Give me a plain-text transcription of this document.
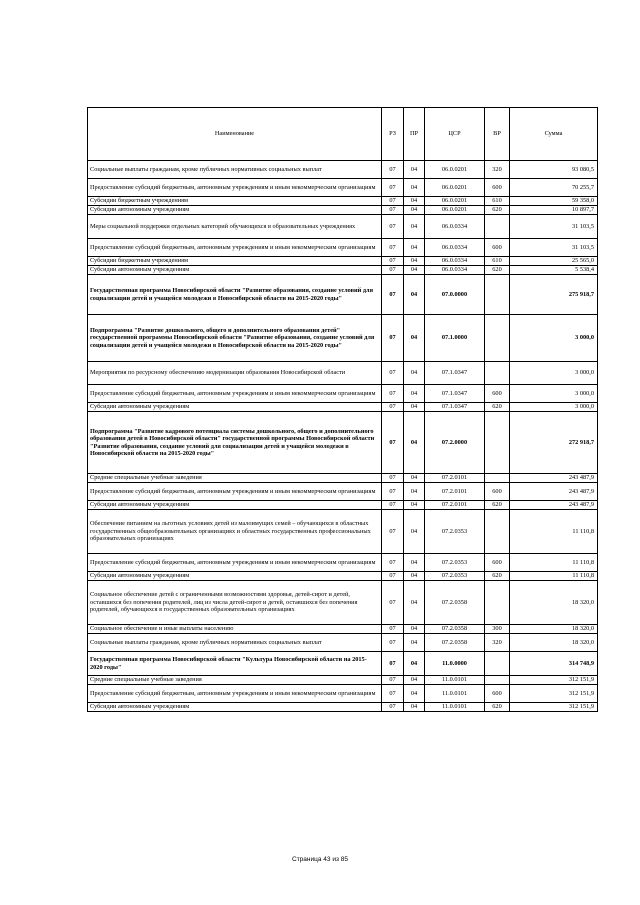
Наименование	РЗ	ПР	ЦСР	ВР	Сумма
Социальные выплаты гражданам, кроме публичных нормативных социальных выплат	07	04	06.0.0201	320	93 080,5
Предоставление субсидий бюджетным, автономным учреждениям и иным некоммерческим организациям	07	04	06.0.0201	600	70 255,7
Субсидии бюджетным учреждениям	07	04	06.0.0201	610	59 358,0
Субсидии автономным учреждениям	07	04	06.0.0201	620	10 897,7
Меры социальной поддержки отдельных категорий обучающихся в образовательных учреждениях	07	04	06.0.0334		31 103,5
Предоставление субсидий бюджетным, автономным учреждениям и иным некоммерческим организациям	07	04	06.0.0334	600	31 103,5
Субсидии бюджетным учреждениям	07	04	06.0.0334	610	25 565,0
Субсидии автономным учреждениям	07	04	06.0.0334	620	5 538,4
Государственная программа Новосибирской области "Развитие образования, создание условий для социализации детей и учащейся молодежи в Новосибирской области на 2015-2020 годы"	07	04	07.0.0000		275 918,7
Подпрограмма "Развитие дошкольного, общего и дополнительного образования детей" государственной программы Новосибирской области "Развитие образования, создание условий для социализации детей и учащейся молодежи в Новосибирской области на 2015-2020 годы"	07	04	07.1.0000		3 000,0
Мероприятия по ресурсному обеспечению модернизации образования Новосибирской области	07	04	07.1.0347		3 000,0
Предоставление субсидий бюджетным, автономным учреждениям и иным некоммерческим организациям	07	04	07.1.0347	600	3 000,0
Субсидии автономным учреждениям	07	04	07.1.0347	620	3 000,0
Подпрограмма "Развитие кадрового потенциала системы дошкольного, общего и дополнительного образования детей в Новосибирской области" государственной программы Новосибирской области "Развитие образования, создание условий для социализации детей и учащейся молодежи в Новосибирской области на 2015-2020 годы"	07	04	07.2.0000		272 918,7
Средние специальные учебные заведения	07	04	07.2.0101		243 487,9
Предоставление субсидий бюджетным, автономным учреждениям и иным некоммерческим организациям	07	04	07.2.0101	600	243 487,9
Субсидии автономным учреждениям	07	04	07.2.0101	620	243 487,9
Обеспечение питанием на льготных условиях детей из малоимущих семей – обучающихся в областных государственных общеобразовательных организациях и областных государственных профессиональных образовательных организациях	07	04	07.2.0353		11 110,8
Предоставление субсидий бюджетным, автономным учреждениям и иным некоммерческим организациям	07	04	07.2.0353	600	11 110,8
Субсидии автономным учреждениям	07	04	07.2.0353	620	11 110,8
Социальное обеспечение детей с ограниченными возможностями здоровья, детей-сирот и детей, оставшихся без попечения родителей, лиц из числа детей-сирот и детей, оставшихся без попечения родителей, обучающихся в государственных образовательных организациях	07	04	07.2.0358		18 320,0
Социальное обеспечение и иные выплаты населению	07	04	07.2.0358	300	18 320,0
Социальные выплаты гражданам, кроме публичных нормативных социальных выплат	07	04	07.2.0358	320	18 320,0
Государственная программа Новосибирской области "Культура Новосибирской области на 2015-2020 годы"	07	04	11.0.0000		314 748,9
Средние специальные учебные заведения	07	04	11.0.0101		312 151,9
Предоставление субсидий бюджетным, автономным учреждениям и иным некоммерческим организациям	07	04	11.0.0101	600	312 151,9
Субсидии автономным учреждениям	07	04	11.0.0101	620	312 151,9
Страница 43 из 85
